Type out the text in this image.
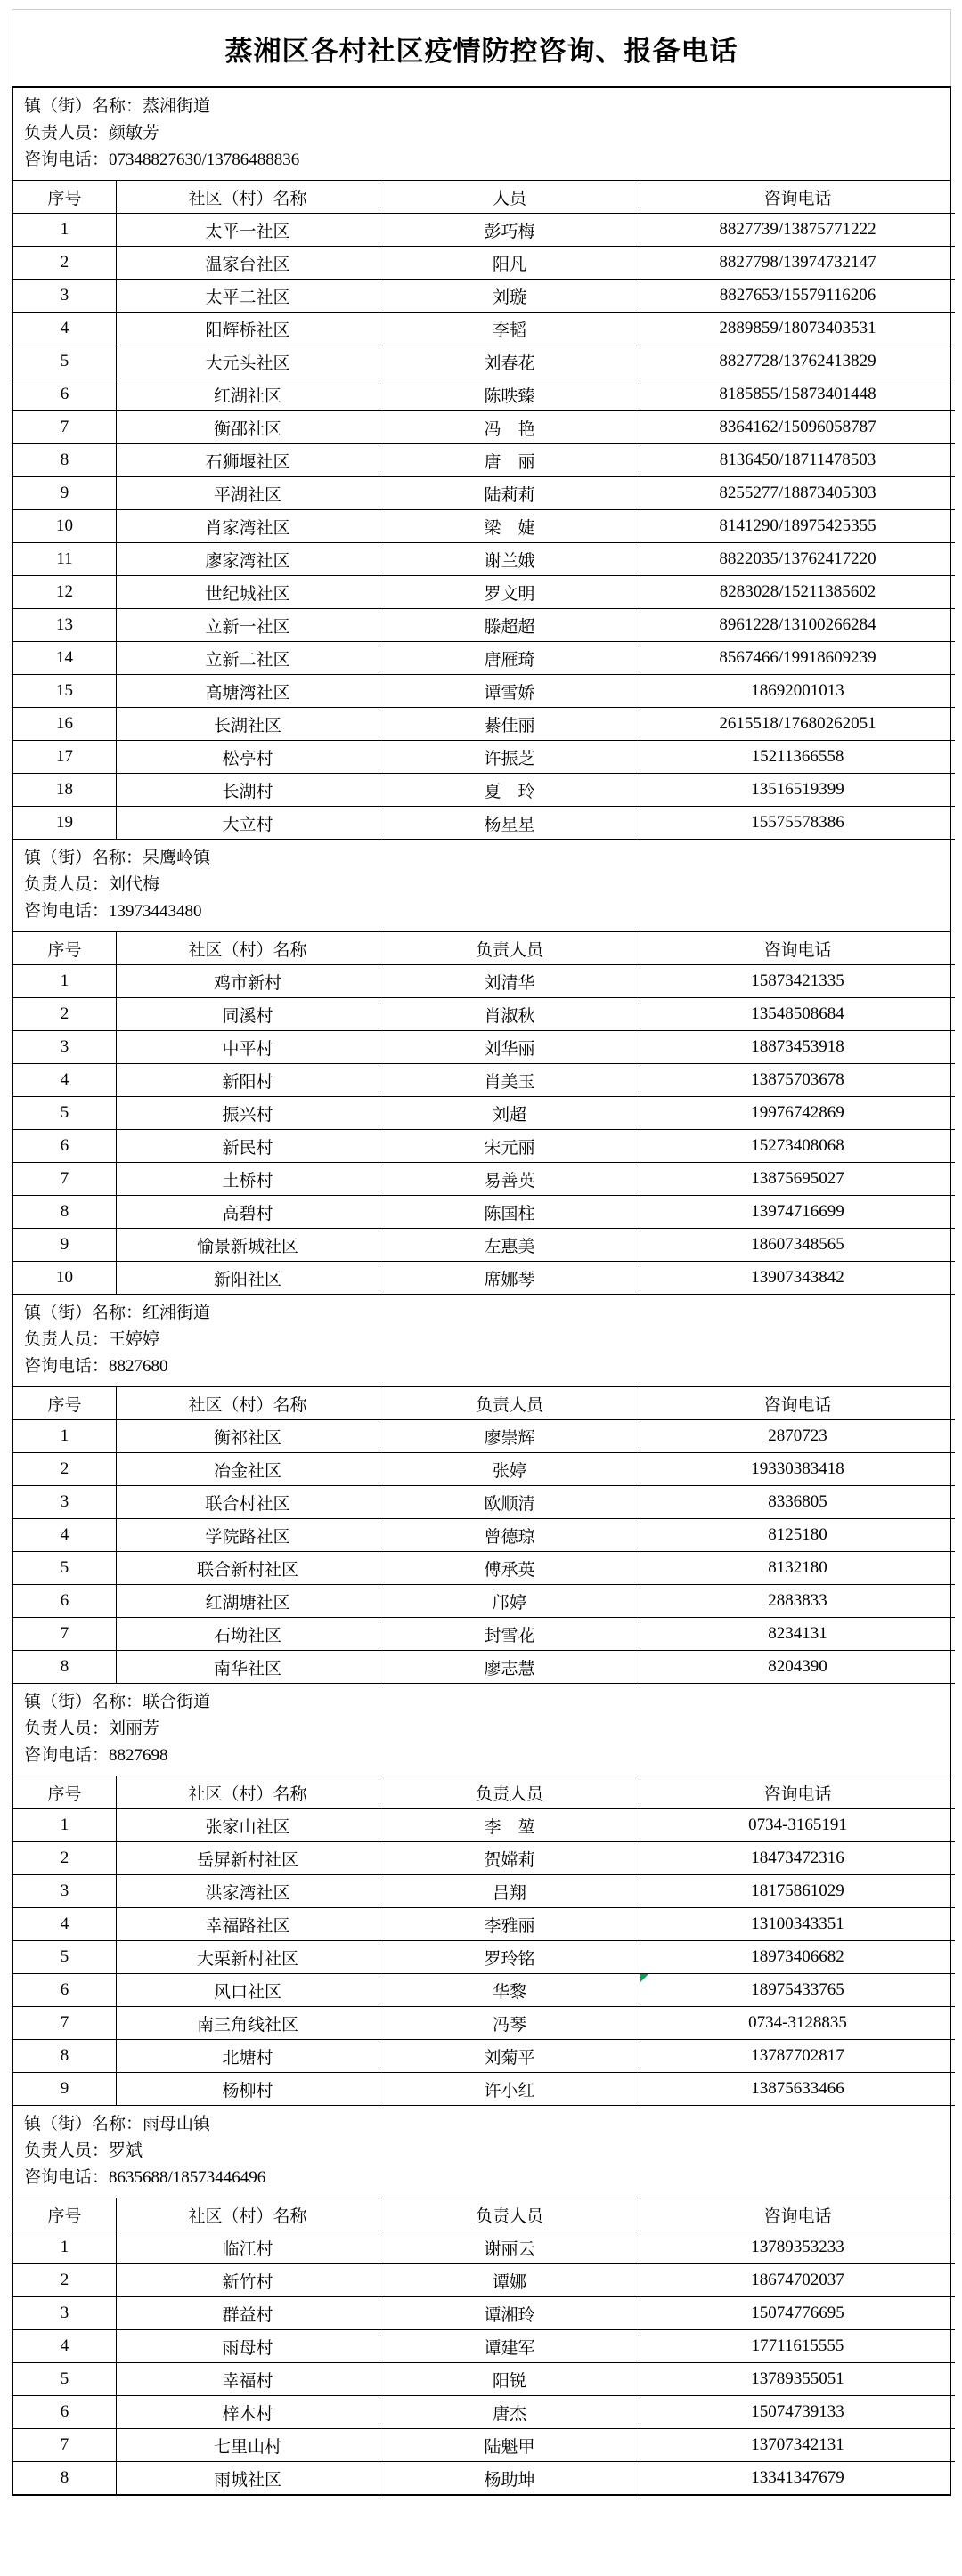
蒸湘区各村社区疫情防控咨询、报备电话
镇（街）名称：蒸湘街道
负责人员：颜敏芳
咨询电话：07348827630/13786488836
序号	社区（村）名称	人员	咨询电话
1	太平一社区	彭巧梅	8827739/13875771222
2	温家台社区	阳凡	8827798/13974732147
3	太平二社区	刘璇	8827653/15579116206
4	阳辉桥社区	李韬	2889859/18073403531
5	大元头社区	刘春花	8827728/13762413829
6	红湖社区	陈昳臻	8185855/15873401448
7	衡邵社区	冯　艳	8364162/15096058787
8	石狮堰社区	唐　丽	8136450/18711478503
9	平湖社区	陆莉莉	8255277/18873405303
10	肖家湾社区	梁　婕	8141290/18975425355
11	廖家湾社区	谢兰娥	8822035/13762417220
12	世纪城社区	罗文明	8283028/15211385602
13	立新一社区	滕超超	8961228/13100266284
14	立新二社区	唐雁琦	8567466/19918609239
15	高塘湾社区	谭雪娇	18692001013
16	长湖社区	綦佳丽	2615518/17680262051
17	松亭村	许振芝	15211366558
18	长湖村	夏　玲	13516519399
19	大立村	杨星星	15575578386
镇（街）名称：呆鹰岭镇
负责人员：刘代梅
咨询电话：13973443480
序号	社区（村）名称	负责人员	咨询电话
1	鸡市新村	刘清华	15873421335
2	同溪村	肖淑秋	13548508684
3	中平村	刘华丽	18873453918
4	新阳村	肖美玉	13875703678
5	振兴村	刘超	19976742869
6	新民村	宋元丽	15273408068
7	土桥村	易善英	13875695027
8	高碧村	陈国柱	13974716699
9	愉景新城社区	左惠美	18607348565
10	新阳社区	席娜琴	13907343842
镇（街）名称：红湘街道
负责人员：王婷婷
咨询电话：8827680
序号	社区（村）名称	负责人员	咨询电话
1	衡祁社区	廖崇辉	2870723
2	冶金社区	张婷	19330383418
3	联合村社区	欧顺清	8336805
4	学院路社区	曾德琼	8125180
5	联合新村社区	傅承英	8132180
6	红湖塘社区	邝婷	2883833
7	石坳社区	封雪花	8234131
8	南华社区	廖志慧	8204390
镇（街）名称：联合街道
负责人员：刘丽芳
咨询电话：8827698
序号	社区（村）名称	负责人员	咨询电话
1	张家山社区	李　堃	0734-3165191
2	岳屏新村社区	贺嫦莉	18473472316
3	洪家湾社区	吕翔	18175861029
4	幸福路社区	李雅丽	13100343351
5	大栗新村社区	罗玲铭	18973406682
6	风口社区	华黎	18975433765

7	南三角线社区	冯琴	0734-3128835
8	北塘村	刘菊平	13787702817
9	杨柳村	许小红	13875633466
镇（街）名称：雨母山镇
负责人员：罗斌
咨询电话：8635688/18573446496
序号	社区（村）名称	负责人员	咨询电话
1	临江村	谢丽云	13789353233
2	新竹村	谭娜	18674702037
3	群益村	谭湘玲	15074776695
4	雨母村	谭建军	17711615555
5	幸福村	阳锐	13789355051
6	梓木村	唐杰	15074739133
7	七里山村	陆魁甲	13707342131
8	雨城社区	杨助坤	13341347679
